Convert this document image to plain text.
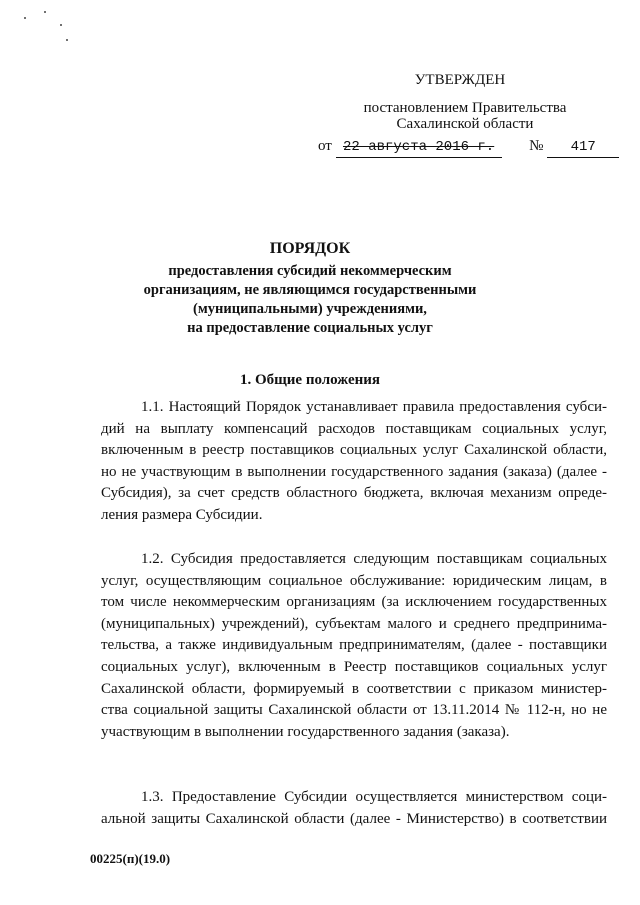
УТВЕРЖДЕН
постановлением Правительства
Сахалинской области
от 22 августа 2016 г. № 417
ПОРЯДОК
предоставления субсидий некоммерческим
организациям, не являющимся государственными
(муниципальными) учреждениями,
на предоставление социальных услуг
1. Общие положения
1.1. Настоящий Порядок устанавливает правила предоставления субси-
дий на выплату компенсаций расходов поставщикам социальных услуг,
включенным в реестр поставщиков социальных услуг Сахалинской области,
но не участвующим в выполнении государственного задания (заказа) (далее -
Субсидия), за счет средств областного бюджета, включая механизм опреде-
ления размера Субсидии.
1.2. Субсидия предоставляется следующим поставщикам социальных
услуг, осуществляющим социальное обслуживание: юридическим лицам, в
том числе некоммерческим организациям (за исключением государственных
(муниципальных) учреждений), субъектам малого и среднего предпринима-
тельства, а также индивидуальным предпринимателям, (далее - поставщики
социальных услуг), включенным в Реестр поставщиков социальных услуг
Сахалинской области, формируемый в соответствии с приказом министер-
ства социальной защиты Сахалинской области от 13.11.2014 № 112-н, но не
участвующим в выполнении государственного задания (заказа).
1.3. Предоставление Субсидии осуществляется министерством соци-
альной защиты Сахалинской области (далее - Министерство) в соответствии
00225(п)(19.0)
